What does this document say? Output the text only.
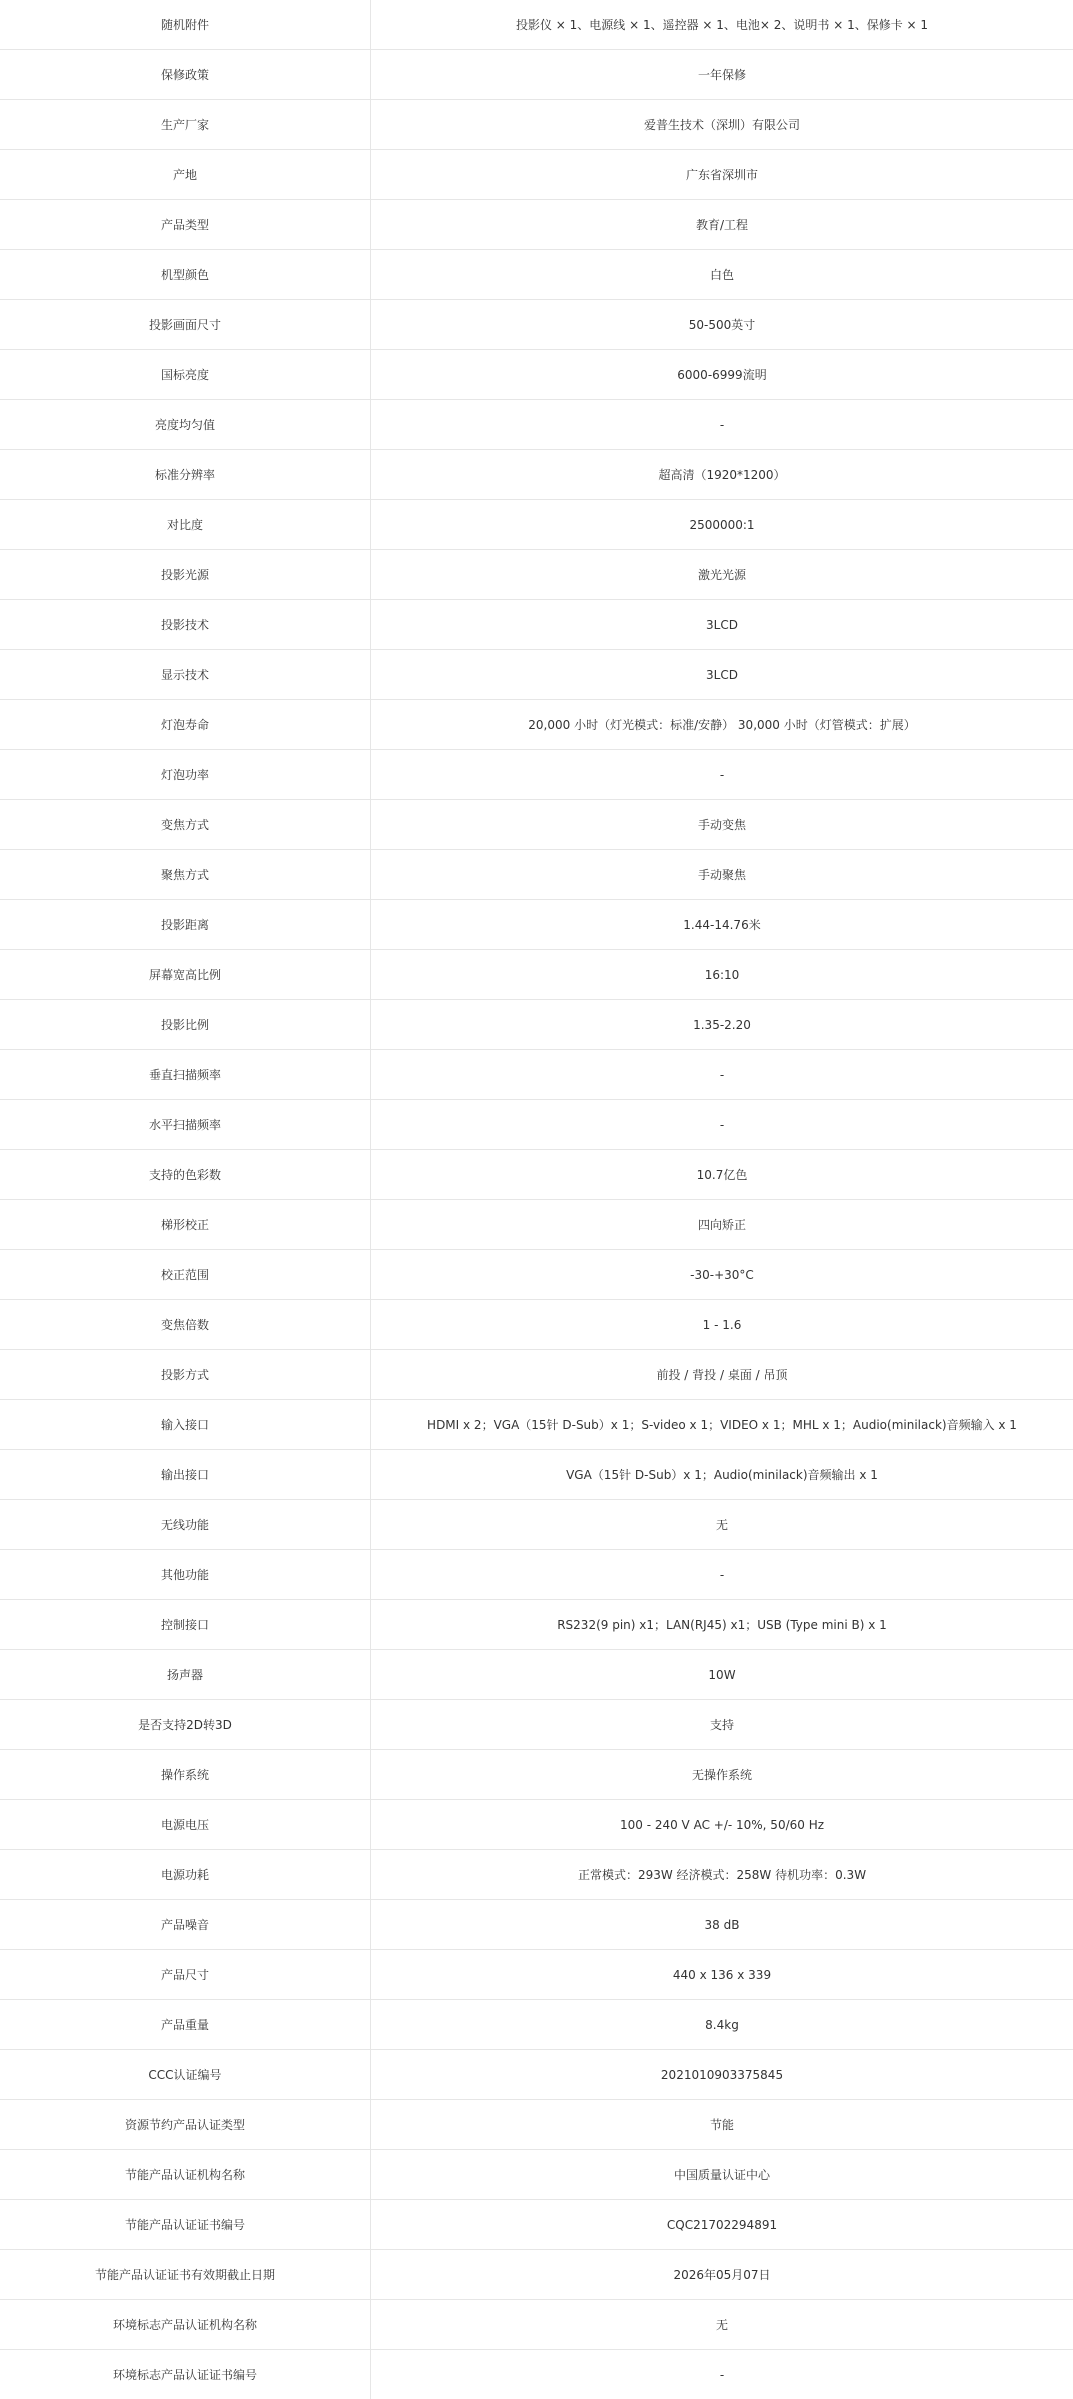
随机附件	投影仪 × 1、电源线 × 1、遥控器 × 1、电池× 2、说明书 × 1、保修卡 × 1
保修政策	一年保修
生产厂家	爱普生技术（深圳）有限公司
产地	广东省深圳市
产品类型	教育/工程
机型颜色	白色
投影画面尺寸	50-500英寸
国标亮度	6000-6999流明
亮度均匀值	-
标准分辨率	超高清（1920*1200）
对比度	2500000:1
投影光源	激光光源
投影技术	3LCD
显示技术	3LCD
灯泡寿命	20,000 小时（灯光模式：标准/安静） 30,000 小时（灯管模式：扩展）
灯泡功率	-
变焦方式	手动变焦
聚焦方式	手动聚焦
投影距离	1.44-14.76米
屏幕宽高比例	16:10
投影比例	1.35-2.20
垂直扫描频率	-
水平扫描频率	-
支持的色彩数	10.7亿色
梯形校正	四向矫正
校正范围	-30-+30°C
变焦倍数	1 - 1.6
投影方式	前投 / 背投 / 桌面 / 吊顶
输入接口	HDMI x 2；VGA（15针 D-Sub）x 1；S-video x 1；VIDEO x 1；MHL x 1；Audio(minilack)音频输入 x 1
输出接口	VGA（15针 D-Sub）x 1；Audio(minilack)音频输出 x 1
无线功能	无
其他功能	-
控制接口	RS232(9 pin) x1；LAN(RJ45) x1；USB (Type mini B) x 1
扬声器	10W
是否支持2D转3D	支持
操作系统	无操作系统
电源电压	100 - 240 V AC +/- 10%, 50/60 Hz
电源功耗	正常模式：293W 经济模式：258W 待机功率：0.3W
产品噪音	38 dB
产品尺寸	440 x 136 x 339
产品重量	8.4kg
CCC认证编号	2021010903375845
资源节约产品认证类型	节能
节能产品认证机构名称	中国质量认证中心
节能产品认证证书编号	CQC21702294891
节能产品认证证书有效期截止日期	2026年05月07日
环境标志产品认证机构名称	无
环境标志产品认证证书编号	-
